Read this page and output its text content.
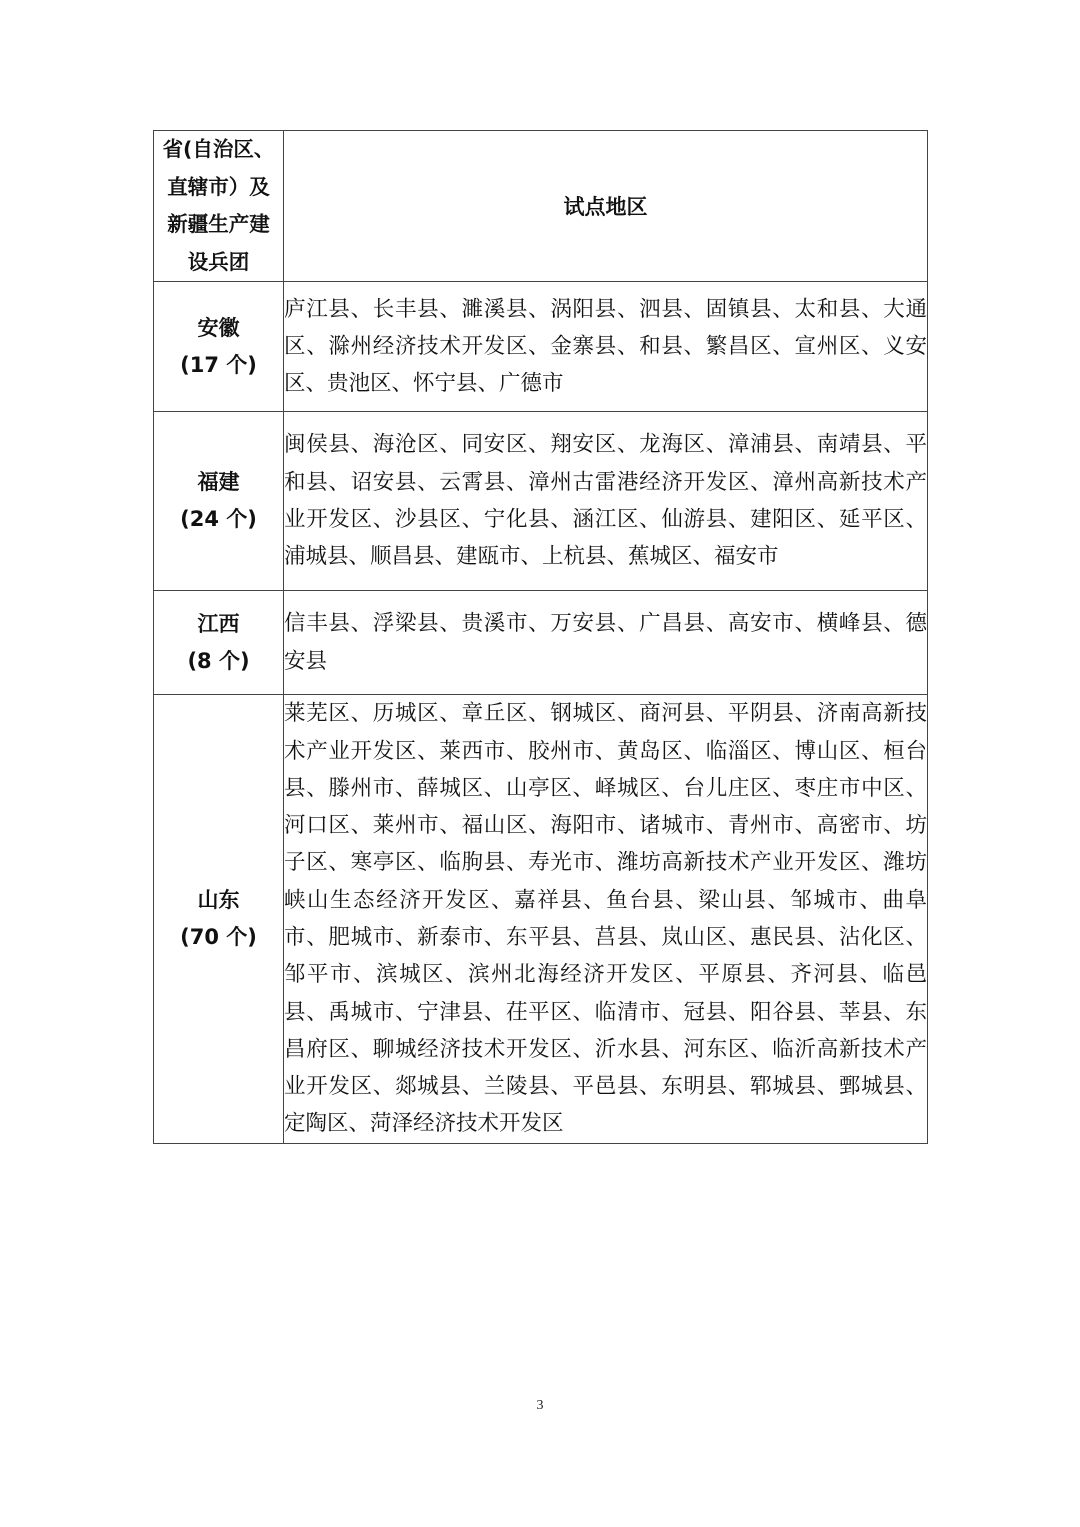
省(自治区、
直辖市）及
新疆生产建
设兵团	试点地区

安徽
(17 个)	庐江县、长丰县、濉溪县、涡阳县、泗县、固镇县、太和县、大通区、滁州经济技术开发区、金寨县、和县、繁昌区、宣州区、义安区、贵池区、怀宁县、广德市

福建
(24 个)	闽侯县、海沧区、同安区、翔安区、龙海区、漳浦县、南靖县、平和县、诏安县、云霄县、漳州古雷港经济开发区、漳州高新技术产业开发区、沙县区、宁化县、涵江区、仙游县、建阳区、延平区、浦城县、顺昌县、建瓯市、上杭县、蕉城区、福安市

江西
(8 个)	信丰县、浮梁县、贵溪市、万安县、广昌县、高安市、横峰县、德安县

山东
(70 个)	莱芜区、历城区、章丘区、钢城区、商河县、平阴县、济南高新技术产业开发区、莱西市、胶州市、黄岛区、临淄区、博山区、桓台县、滕州市、薛城区、山亭区、峄城区、台儿庄区、枣庄市中区、河口区、莱州市、福山区、海阳市、诸城市、青州市、高密市、坊子区、寒亭区、临朐县、寿光市、潍坊高新技术产业开发区、潍坊峡山生态经济开发区、嘉祥县、鱼台县、梁山县、邹城市、曲阜市、肥城市、新泰市、东平县、莒县、岚山区、惠民县、沾化区、邹平市、滨城区、滨州北海经济开发区、平原县、齐河县、临邑县、禹城市、宁津县、茌平区、临清市、冠县、阳谷县、莘县、东昌府区、聊城经济技术开发区、沂水县、河东区、临沂高新技术产业开发区、郯城县、兰陵县、平邑县、东明县、郓城县、鄄城县、定陶区、菏泽经济技术开发区
3
